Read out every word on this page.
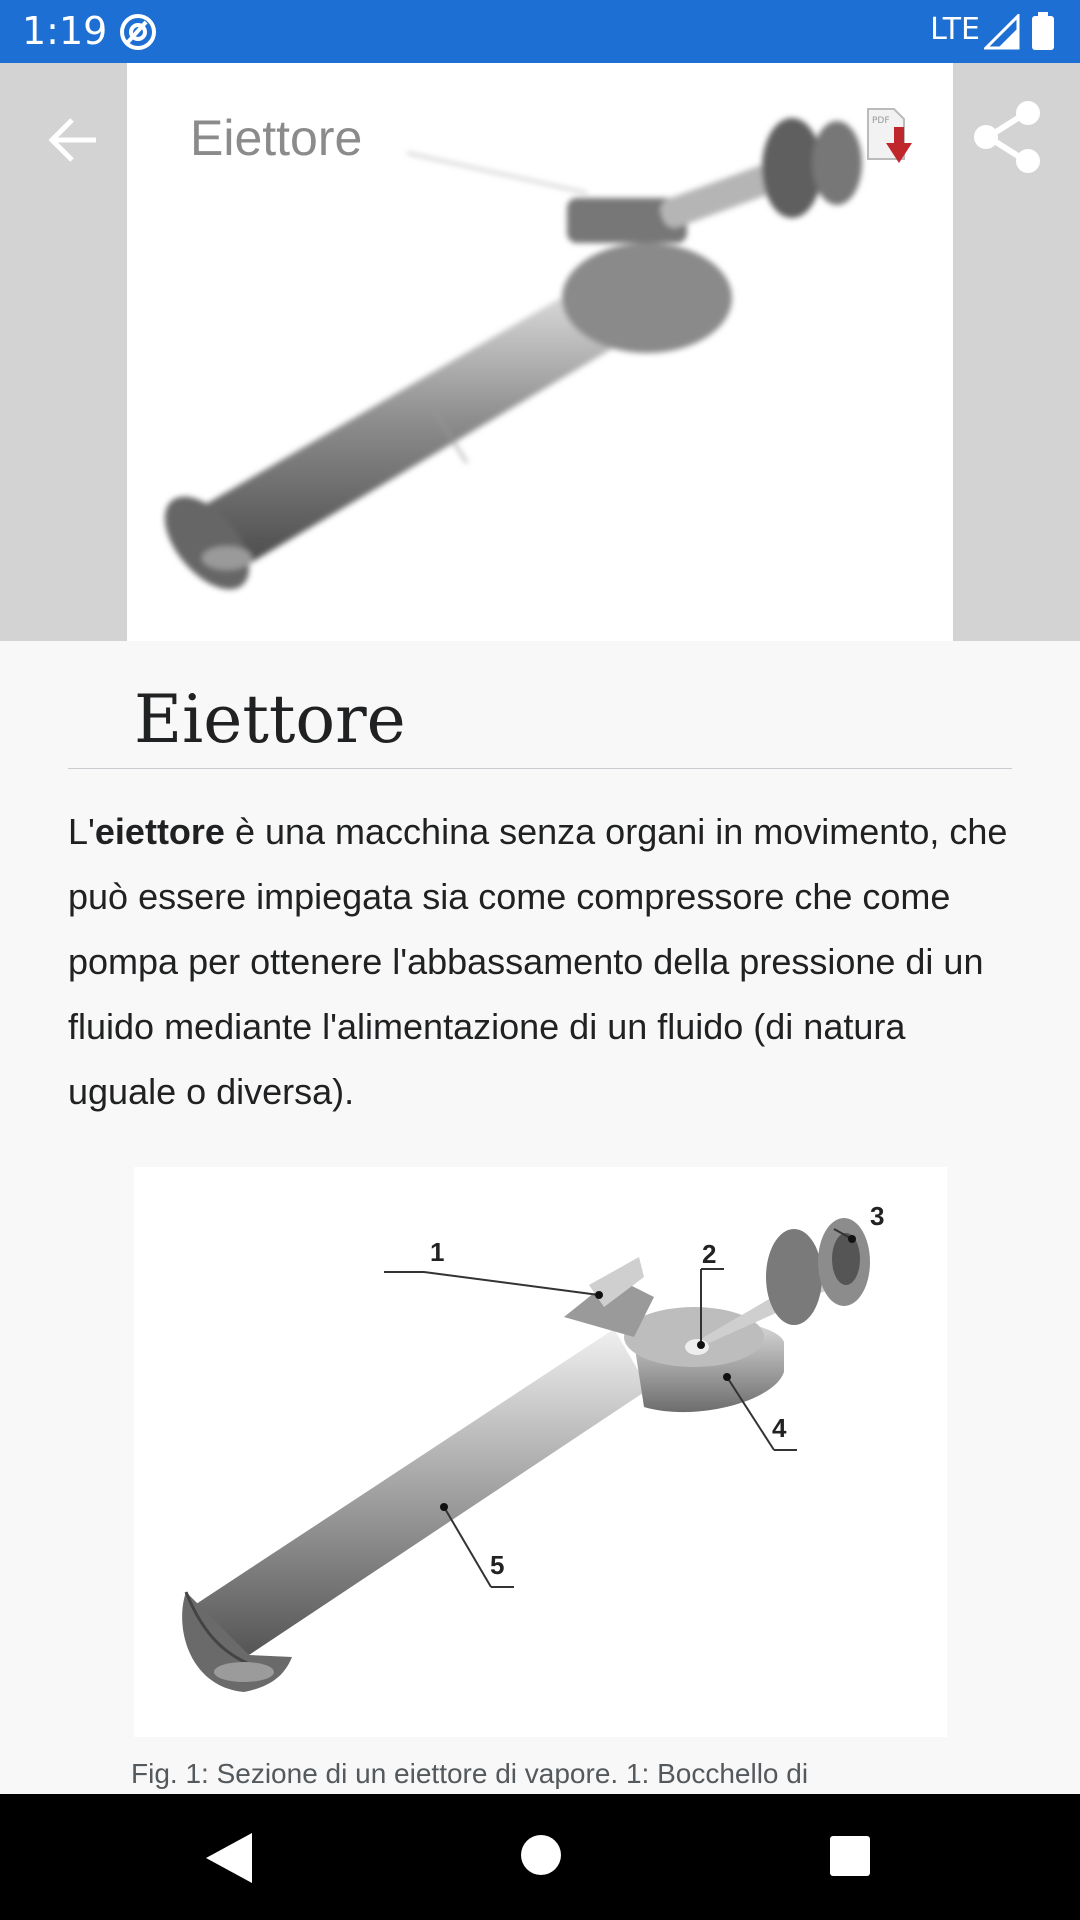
1:19	LTE
Eiettore	PDF
Eiettore

L'eiettore è una macchina senza organi in movimento, che può essere impiegata sia come compressore che come pompa per ottenere l'abbassamento della pressione di un fluido mediante l'alimentazione di un fluido (di natura uguale o diversa).

1	2
3
4
5
Fig. 1: Sezione di un eiettore di vapore. 1: Bocchello di
